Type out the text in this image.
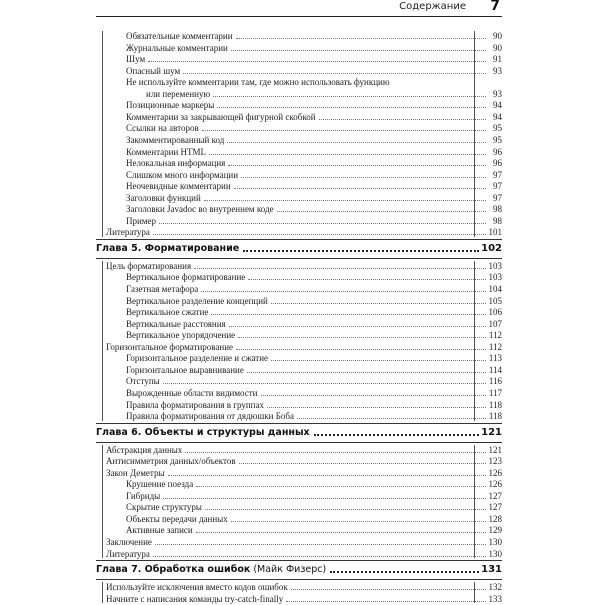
Содержание 7
Обязательные комментарии	90
Журнальные комментарии	90
Шум	91
Опасный шум	93
Не используйте комментарии там, где можно использовать функцию
или переменную	93
Позиционные маркеры	94
Комментарии за закрывающей фигурной скобкой	94
Ссылки на авторов	95
Закомментированный код	95
Комментарии HTML	96
Нелокальная информация	96
Слишком много информации	97
Неочевидные комментарии	97
Заголовки функций	97
Заголовки Javadoc во внутреннем коде	98
Пример	98
Литература	101
Глава 5. Форматирование	102
Цель форматирования	103
Вертикальное форматирование	103
Газетная метафора	104
Вертикальное разделение концепций	105
Вертикальное сжатие	106
Вертикальные расстояния	107
Вертикальное упорядочение	112
Горизонтальное форматирование	112
Горизонтальное разделение и сжатие	113
Горизонтальное выравнивание	114
Отступы	116
Вырожденные области видимости	117
Правила форматирования в группах	118
Правила форматирования от дядюшки Боба	118
Глава 6. Объекты и структуры данных	121
Абстракция данных	121
Антисимметрия данных/объектов	123
Закон Деметры	126
Крушение поезда	126
Гибриды	127
Скрытие структуры	127
Объекты передачи данных	128
Активные записи	129
Заключение	130
Литература	130
Глава 7. Обработка ошибок (Майк Физерс)	131
Используйте исключения вместо кодов ошибок	132
Начните с написания команды try-catch-finally	133
